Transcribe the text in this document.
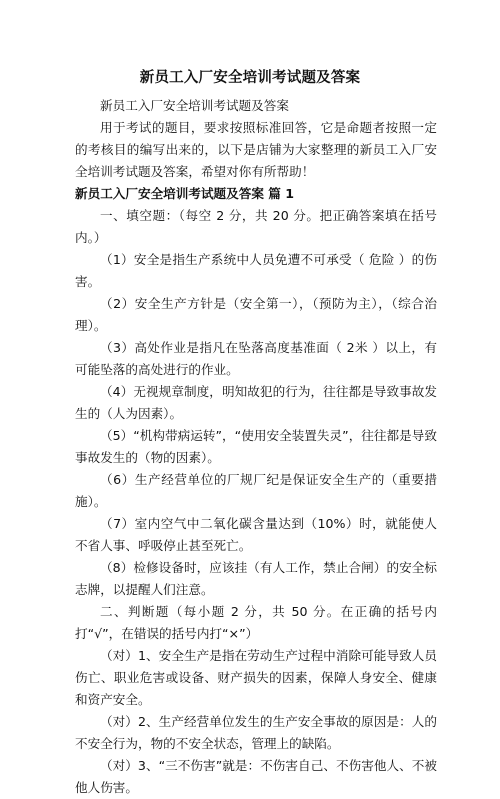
新员工入厂安全培训考试题及答案

新员工入厂安全培训考试题及答案

用于考试的题目，要求按照标准回答，它是命题者按照一定的考核目的编写出来的，以下是店铺为大家整理的新员工入厂安全培训考试题及答案，希望对你有所帮助！

新员工入厂安全培训考试题及答案 篇 1

一、填空题：（每空 2 分，共 20 分。把正确答案填在括号内。）

（1）安全是指生产系统中人员免遭不可承受（ 危险 ）的伤害。

（2）安全生产方针是（安全第一），（预防为主），（综合治理）。

（3）高处作业是指凡在坠落高度基准面（ 2米 ）以上，有可能坠落的高处进行的作业。

（4）无视规章制度，明知故犯的行为，往往都是导致事故发生的（人为因素）。

（5）“机构带病运转”，“使用安全装置失灵”，往往都是导致事故发生的（物的因素）。

（6）生产经营单位的厂规厂纪是保证安全生产的（重要措施）。

（7）室内空气中二氧化碳含量达到（10%）时，就能使人不省人事、呼吸停止甚至死亡。

（8）检修设备时，应该挂（有人工作，禁止合闸）的安全标志牌，以提醒人们注意。

二、判断题（每小题 2 分，共 50 分。在正确的括号内打“√”，在错误的括号内打“×”）

（对）1、安全生产是指在劳动生产过程中消除可能导致人员伤亡、职业危害或设备、财产损失的因素，保障人身安全、健康和资产安全。

（对）2、生产经营单位发生的生产安全事故的原因是：人的不安全行为，物的不安全状态，管理上的缺陷。

（对）3、“三不伤害”就是：不伤害自己、不伤害他人、不被他人伤害。
